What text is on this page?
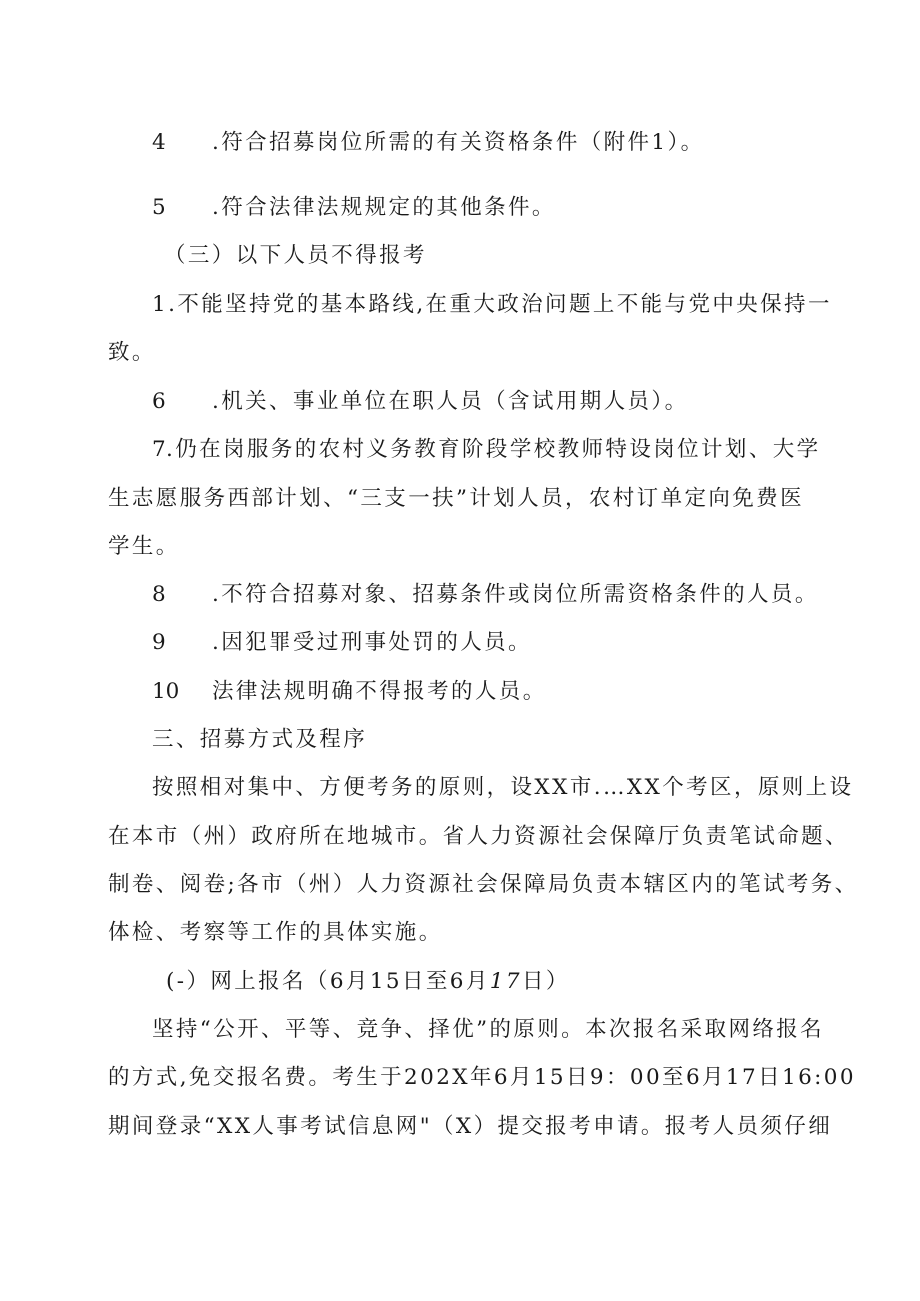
4 .符合招募岗位所需的有关资格条件（附件1）。
5 .符合法律法规规定的其他条件。
（三）以下人员不得报考
1.不能坚持党的基本路线,在重大政治问题上不能与党中央保持一
致。
6 .机关、事业单位在职人员（含试用期人员）。
7.仍在岗服务的农村义务教育阶段学校教师特设岗位计划、大学
生志愿服务西部计划、“三支一扶”计划人员，农村订单定向免费医
学生。
8 .不符合招募对象、招募条件或岗位所需资格条件的人员。
9 .因犯罪受过刑事处罚的人员。
10 法律法规明确不得报考的人员。
三、招募方式及程序
按照相对集中、方便考务的原则，设XX市.…XX个考区，原则上设
在本市（州）政府所在地城市。省人力资源社会保障厅负责笔试命题、
制卷、阅卷;各市（州）人力资源社会保障局负责本辖区内的笔试考务、
体检、考察等工作的具体实施。
(-）网上报名（6月15日至6月17日）
坚持“公开、平等、竞争、择优”的原则。本次报名采取网络报名
的方式,免交报名费。考生于202X年6月15日9：00至6月17日16:00
期间登录“XX人事考试信息网"（X）提交报考申请。报考人员须仔细
